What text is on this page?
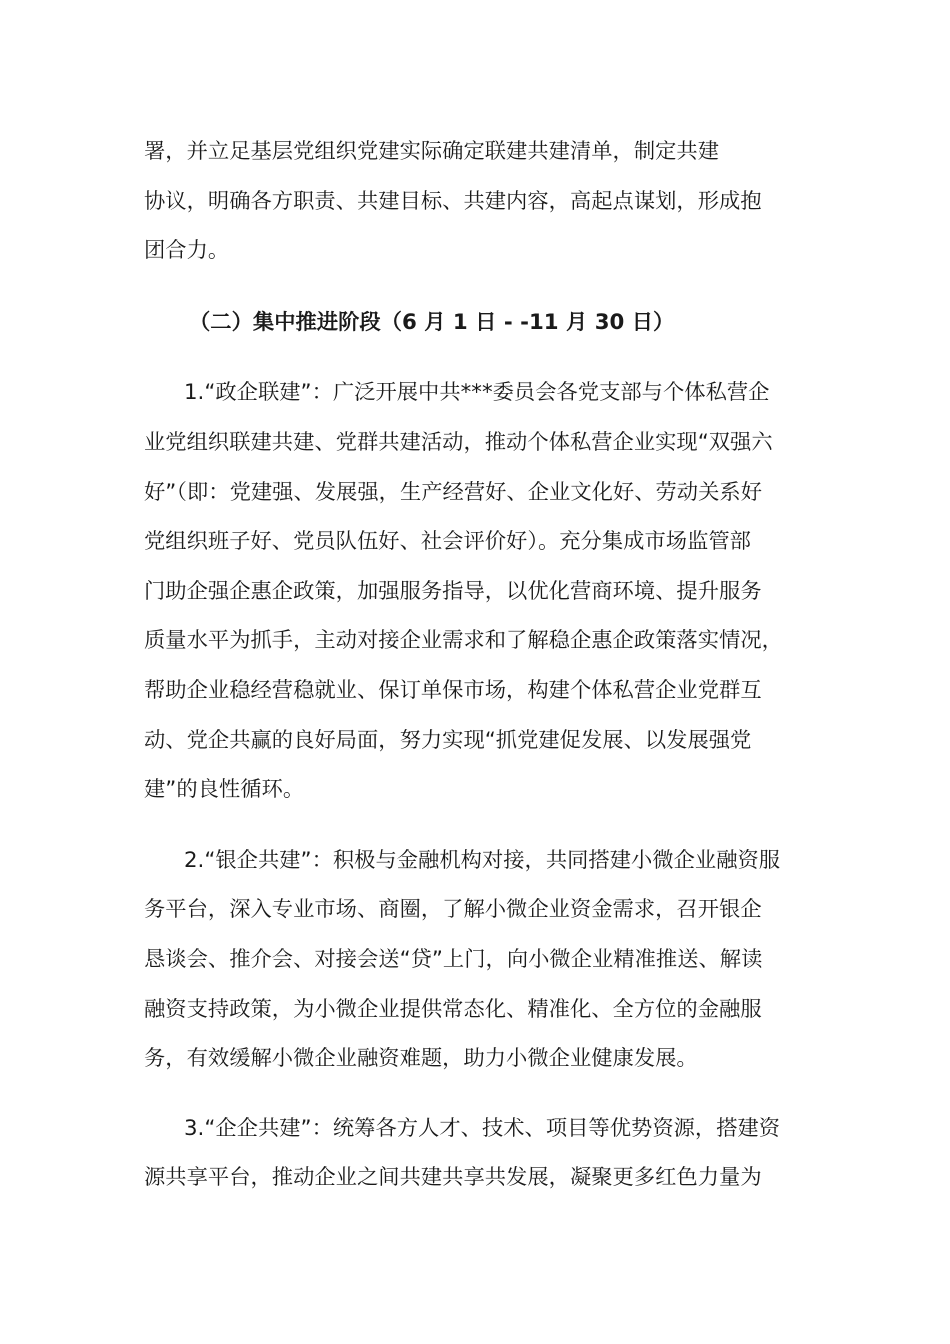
署，并立足基层党组织党建实际确定联建共建清单，制定共建
协议，明确各方职责、共建目标、共建内容，高起点谋划，形成抱
团合力。

（二）集中推进阶段（6 月 1 日 - -11 月 30 日）

1.“政企联建”：广泛开展中共***委员会各党支部与个体私营企
业党组织联建共建、党群共建活动，推动个体私营企业实现“双强六
好”（即：党建强、发展强，生产经营好、企业文化好、劳动关系好
党组织班子好、党员队伍好、社会评价好）。充分集成市场监管部
门助企强企惠企政策，加强服务指导，以优化营商环境、提升服务
质量水平为抓手，主动对接企业需求和了解稳企惠企政策落实情况，
帮助企业稳经营稳就业、保订单保市场，构建个体私营企业党群互
动、党企共赢的良好局面，努力实现“抓党建促发展、以发展强党
建”的良性循环。

2.“银企共建”：积极与金融机构对接，共同搭建小微企业融资服
务平台，深入专业市场、商圈，了解小微企业资金需求，召开银企
恳谈会、推介会、对接会送“贷”上门，向小微企业精准推送、解读
融资支持政策，为小微企业提供常态化、精准化、全方位的金融服
务，有效缓解小微企业融资难题，助力小微企业健康发展。

3.“企企共建”：统筹各方人才、技术、项目等优势资源，搭建资
源共享平台，推动企业之间共建共享共发展，凝聚更多红色力量为
